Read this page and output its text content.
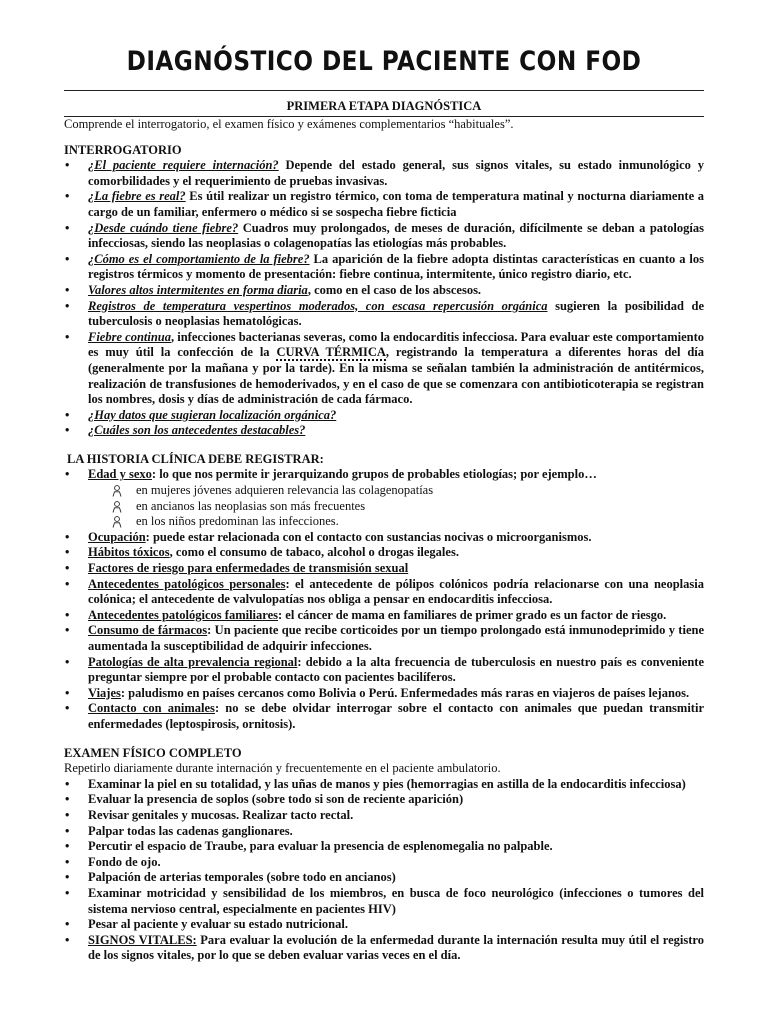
DIAGNÓSTICO DEL PACIENTE CON FOD
PRIMERA ETAPA DIAGNÓSTICA

Comprende el interrogatorio, el examen físico y exámenes complementarios “habituales”.

INTERROGATORIO
• ¿El paciente requiere internación? Depende del estado general, sus signos vitales, su estado inmunológico y comorbilidades y el requerimiento de pruebas invasivas.
• ¿La fiebre es real? Es útil realizar un registro térmico, con toma de temperatura matinal y nocturna diariamente a cargo de un familiar, enfermero o médico si se sospecha fiebre ficticia
• ¿Desde cuándo tiene fiebre? Cuadros muy prolongados, de meses de duración, difícilmente se deban a patologías infecciosas, siendo las neoplasias o colagenopatías las etiologías más probables.
• ¿Cómo es el comportamiento de la fiebre? La aparición de la fiebre adopta distintas características en cuanto a los registros térmicos y momento de presentación: fiebre continua, intermitente, único registro diario, etc.
• Valores altos intermitentes en forma diaria, como en el caso de los abscesos.
• Registros de temperatura vespertinos moderados, con escasa repercusión orgánica sugieren la posibilidad de tuberculosis o neoplasias hematológicas.
• Fiebre continua, infecciones bacterianas severas, como la endocarditis infecciosa. Para evaluar este comportamiento es muy útil la confección de la CURVA TÉRMICA, registrando la temperatura a diferentes horas del día (generalmente por la mañana y por la tarde). En la misma se señalan también la administración de antitérmicos, realización de transfusiones de hemoderivados, y en el caso de que se comenzara con antibioticoterapia se registran los nombres, dosis y días de administración de cada fármaco.
• ¿Hay datos que sugieran localización orgánica?
• ¿Cuáles son los antecedentes destacables?
LA HISTORIA CLÍNICA DEBE REGISTRAR:
• Edad y sexo: lo que nos permite ir jerarquizando grupos de probables etiologías; por ejemplo…
en mujeres jóvenes adquieren relevancia las colagenopatías
en ancianos las neoplasias son más frecuentes
en los niños predominan las infecciones.
• Ocupación: puede estar relacionada con el contacto con sustancias nocivas o microorganismos.
• Hábitos tóxicos, como el consumo de tabaco, alcohol o drogas ilegales.
• Factores de riesgo para enfermedades de transmisión sexual
• Antecedentes patológicos personales: el antecedente de pólipos colónicos podría relacionarse con una neoplasia colónica; el antecedente de valvulopatías nos obliga a pensar en endocarditis infecciosa.
• Antecedentes patológicos familiares: el cáncer de mama en familiares de primer grado es un factor de riesgo.
• Consumo de fármacos: Un paciente que recibe corticoides por un tiempo prolongado está inmunodeprimido y tiene aumentada la susceptibilidad de adquirir infecciones.
• Patologías de alta prevalencia regional: debido a la alta frecuencia de tuberculosis en nuestro país es conveniente preguntar siempre por el probable contacto con pacientes bacilíferos.
• Viajes: paludismo en países cercanos como Bolivia o Perú. Enfermedades más raras en viajeros de países lejanos.
• Contacto con animales: no se debe olvidar interrogar sobre el contacto con animales que puedan transmitir enfermedades (leptospirosis, ornitosis).
EXAMEN FÍSICO COMPLETO

Repetirlo diariamente durante internación y frecuentemente en el paciente ambulatorio.

• Examinar la piel en su totalidad, y las uñas de manos y pies (hemorragias en astilla de la endocarditis infecciosa)
• Evaluar la presencia de soplos (sobre todo si son de reciente aparición)
• Revisar genitales y mucosas. Realizar tacto rectal.
• Palpar todas las cadenas ganglionares.
• Percutir el espacio de Traube, para evaluar la presencia de esplenomegalia no palpable.
• Fondo de ojo.
• Palpación de arterias temporales (sobre todo en ancianos)
• Examinar motricidad y sensibilidad de los miembros, en busca de foco neurológico (infecciones o tumores del sistema nervioso central, especialmente en pacientes HIV)
• Pesar al paciente y evaluar su estado nutricional.
• SIGNOS VITALES: Para evaluar la evolución de la enfermedad durante la internación resulta muy útil el registro de los signos vitales, por lo que se deben evaluar varias veces en el día.
